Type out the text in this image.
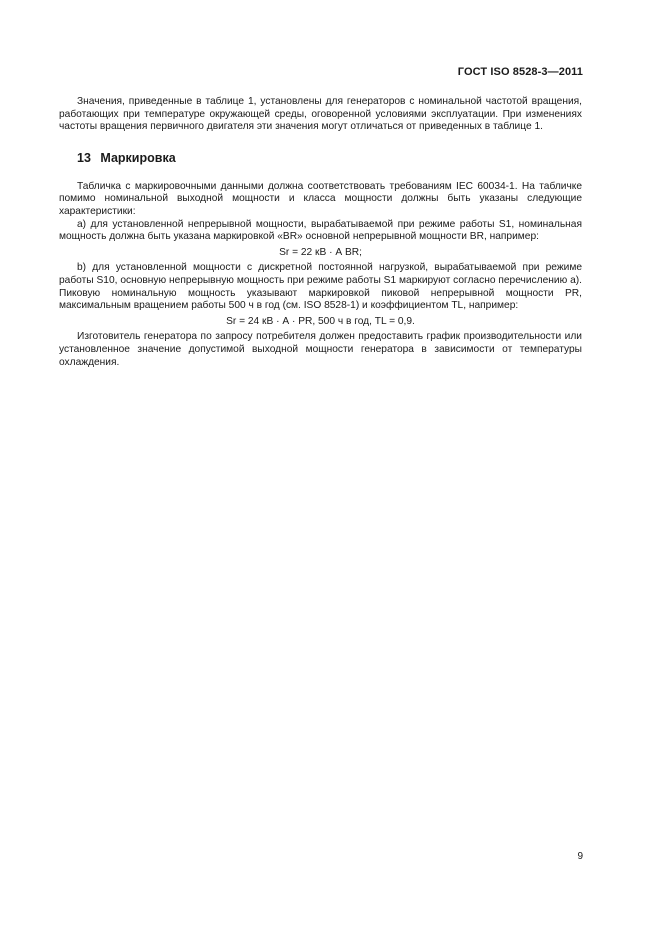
ГОСТ ISO 8528-3—2011

Значения, приведенные в таблице 1, установлены для генераторов с номинальной частотой вращения, работающих при температуре окружающей среды, оговоренной условиями эксплуатации. При изменениях частоты вращения первичного двигателя эти значения могут отличаться от приведенных в таблице 1.

13 Маркировка

Табличка с маркировочными данными должна соответствовать требованиям IEC 60034-1. На табличке помимо номинальной выходной мощности и класса мощности должны быть указаны следующие характеристики:

а) для установленной непрерывной мощности, вырабатываемой при режиме работы S1, номинальная мощность должна быть указана маркировкой «BR» основной непрерывной мощности BR, например:

Sr = 22 кВ · А BR;

b) для установленной мощности с дискретной постоянной нагрузкой, вырабатываемой при режиме работы S10, основную непрерывную мощность при режиме работы S1 маркируют согласно перечислению а). Пиковую номинальную мощность указывают маркировкой пиковой непрерывной мощности PR, максимальным вращением работы 500 ч в год (см. ISO 8528-1) и коэффициентом TL, например:

Sr = 24 кВ · А · PR, 500 ч в год, TL = 0,9.

Изготовитель генератора по запросу потребителя должен предоставить график производительности или установленное значение допустимой выходной мощности генератора в зависимости от температуры охлаждения.

9
